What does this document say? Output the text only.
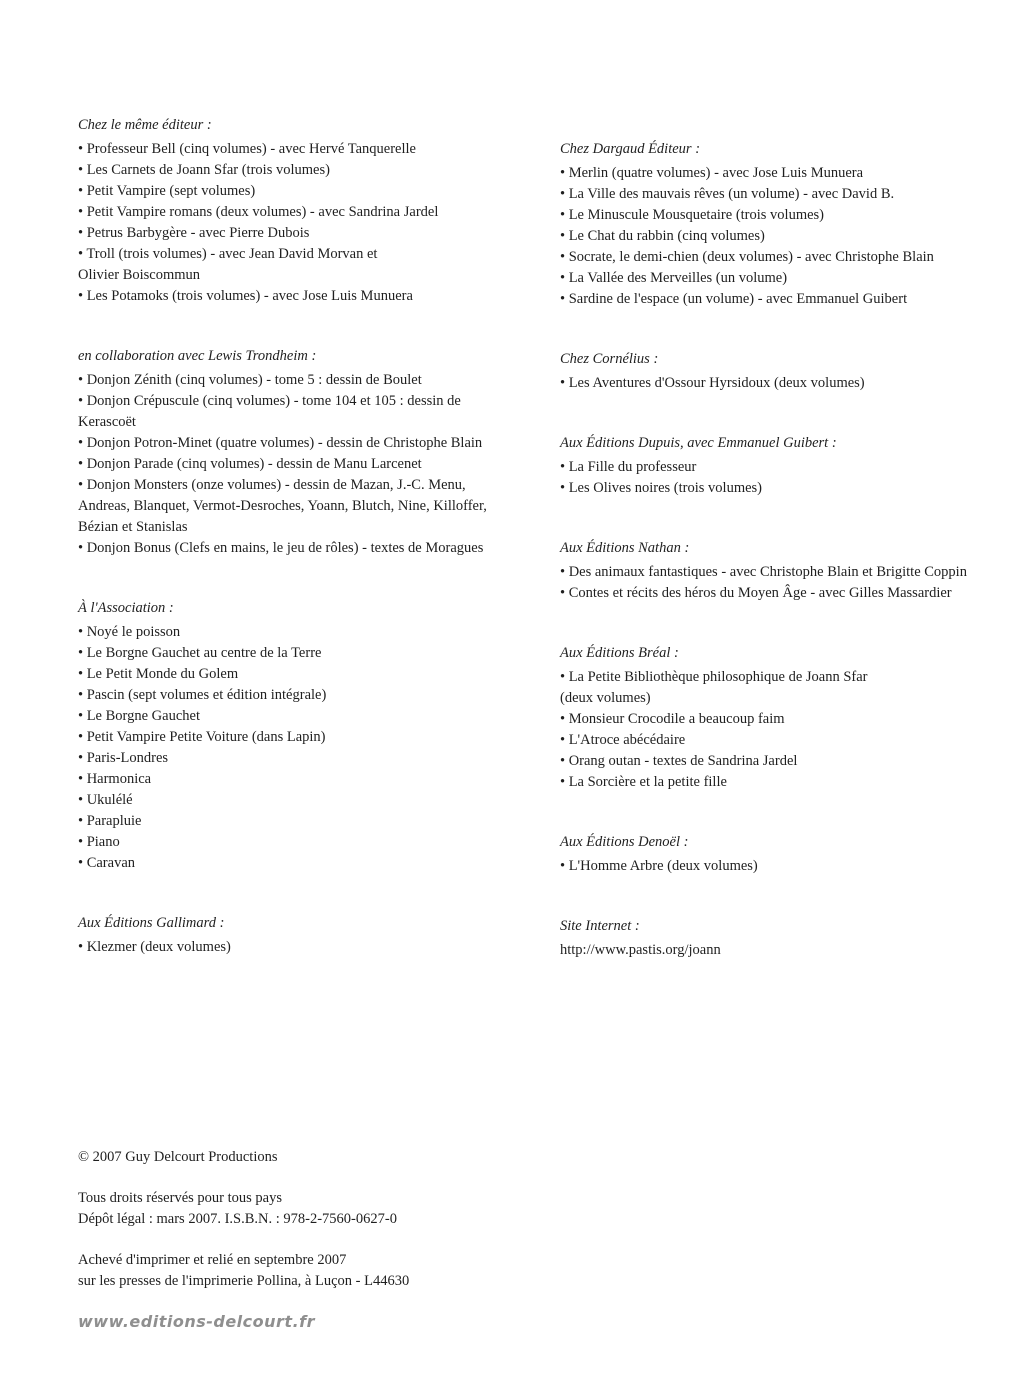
Chez le même éditeur :
• Professeur Bell (cinq volumes) - avec Hervé Tanquerelle
• Les Carnets de Joann Sfar (trois volumes)
• Petit Vampire (sept volumes)
• Petit Vampire romans (deux volumes) - avec Sandrina Jardel
• Petrus Barbygère - avec Pierre Dubois
• Troll (trois volumes) - avec Jean David Morvan et
Olivier Boiscommun
• Les Potamoks (trois volumes) - avec Jose Luis Munuera
en collaboration avec Lewis Trondheim :
• Donjon Zénith (cinq volumes) - tome 5 : dessin de Boulet
• Donjon Crépuscule (cinq volumes) - tome 104 et 105 : dessin de
Kerascoët
• Donjon Potron-Minet (quatre volumes) - dessin de Christophe Blain
• Donjon Parade (cinq volumes) - dessin de Manu Larcenet
• Donjon Monsters (onze volumes) - dessin de Mazan, J.-C. Menu,
Andreas, Blanquet, Vermot-Desroches, Yoann, Blutch, Nine, Killoffer,
Bézian et Stanislas
• Donjon Bonus (Clefs en mains, le jeu de rôles) - textes de Moragues
À l'Association :
• Noyé le poisson
• Le Borgne Gauchet au centre de la Terre
• Le Petit Monde du Golem
• Pascin (sept volumes et édition intégrale)
• Le Borgne Gauchet
• Petit Vampire Petite Voiture (dans Lapin)
• Paris-Londres
• Harmonica
• Ukulélé
• Parapluie
• Piano
• Caravan
Aux Éditions Gallimard :
• Klezmer (deux volumes)
Chez Dargaud Éditeur :
• Merlin (quatre volumes) - avec Jose Luis Munuera
• La Ville des mauvais rêves (un volume) - avec David B.
• Le Minuscule Mousquetaire (trois volumes)
• Le Chat du rabbin (cinq volumes)
• Socrate, le demi-chien (deux volumes) - avec Christophe Blain
• La Vallée des Merveilles (un volume)
• Sardine de l'espace (un volume) - avec Emmanuel Guibert
Chez Cornélius :
• Les Aventures d'Ossour Hyrsidoux (deux volumes)
Aux Éditions Dupuis, avec Emmanuel Guibert :
• La Fille du professeur
• Les Olives noires (trois volumes)
Aux Éditions Nathan :
• Des animaux fantastiques - avec Christophe Blain et Brigitte Coppin
• Contes et récits des héros du Moyen Âge - avec Gilles Massardier
Aux Éditions Bréal :
• La Petite Bibliothèque philosophique de Joann Sfar
(deux volumes)
• Monsieur Crocodile a beaucoup faim
• L'Atroce abécédaire
• Orang outan - textes de Sandrina Jardel
• La Sorcière et la petite fille
Aux Éditions Denoël :
• L'Homme Arbre (deux volumes)
Site Internet :
http://www.pastis.org/joann

© 2007 Guy Delcourt Productions

Tous droits réservés pour tous pays

Dépôt légal : mars 2007. I.S.B.N. : 978-2-7560-0627-0

Achevé d'imprimer et relié en septembre 2007

sur les presses de l'imprimerie Pollina, à Luçon - L44630

www.editions-delcourt.fr
